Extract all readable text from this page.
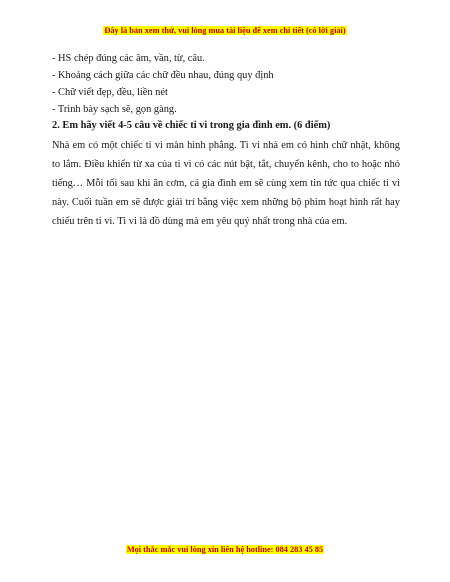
Đây là bản xem thử, vui lòng mua tài liệu để xem chi tiết (có lời giải)

- HS chép đúng các âm, vần, từ, câu.

- Khoảng cách giữa các chữ đều nhau, đúng quy định

- Chữ viết đẹp, đều, liền nét

- Trình bày sạch sẽ, gọn gàng.

2. Em hãy viết 4-5 câu về chiếc ti vi trong gia đình em. (6 điểm)

Nhà em có một chiếc ti vi màn hình phẳng. Ti vi nhà em có hình chữ nhật, không to lắm. Điều khiển từ xa của ti vi có các nút bật, tắt, chuyển kênh, cho to hoặc nhỏ tiếng… Mỗi tối sau khi ăn cơm, cả gia đình em sẽ cùng xem tin tức qua chiếc ti vi này. Cuối tuần em sẽ được giải trí bằng việc xem những bộ phim hoạt hình rất hay chiếu trên ti vi. Ti vi là đồ dùng mà em yêu quý nhất trong nhà của em.

Mọi thắc mắc vui lòng xin liên hệ hotline: 084 283 45 85
